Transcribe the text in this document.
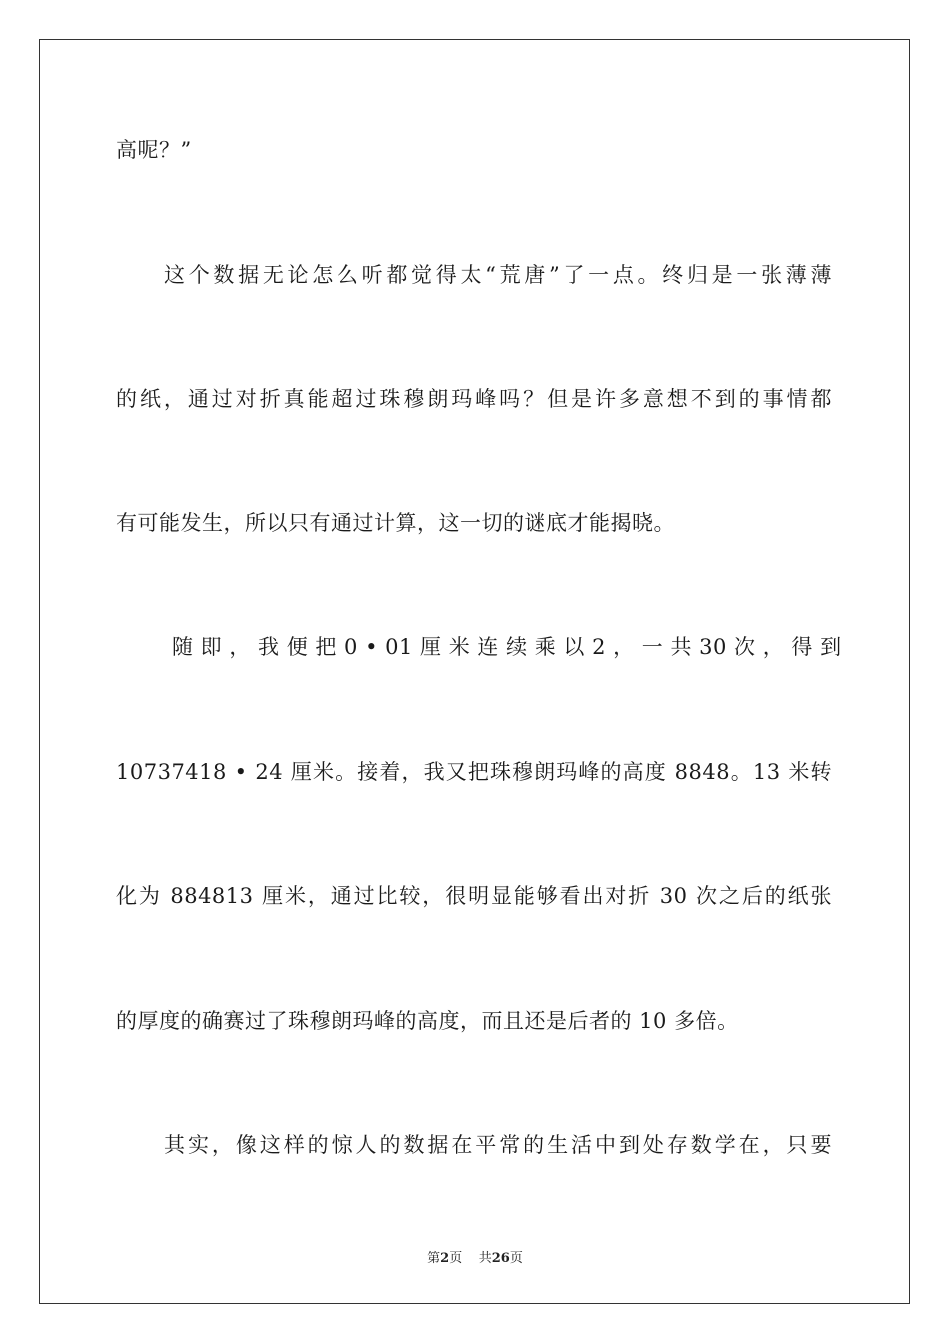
高呢？”
这个数据无论怎么听都觉得太“荒唐”了一点。终归是一张薄薄
的纸，通过对折真能超过珠穆朗玛峰吗？但是许多意想不到的事情都
有可能发生，所以只有通过计算，这一切的谜底才能揭晓。
随 即 ， 我 便 把 0 • 01 厘 米 连 续 乘 以 2 ， 一 共 30 次 ， 得 到
10737418 • 24 厘米。接着，我又把珠穆朗玛峰的高度 8848。13 米转
化为 884813 厘米，通过比较，很明显能够看出对折 30 次之后的纸张
的厚度的确赛过了珠穆朗玛峰的高度，而且还是后者的 10 多倍。
其实，像这样的惊人的数据在平常的生活中到处存数学在，只要
第2页 共26页
